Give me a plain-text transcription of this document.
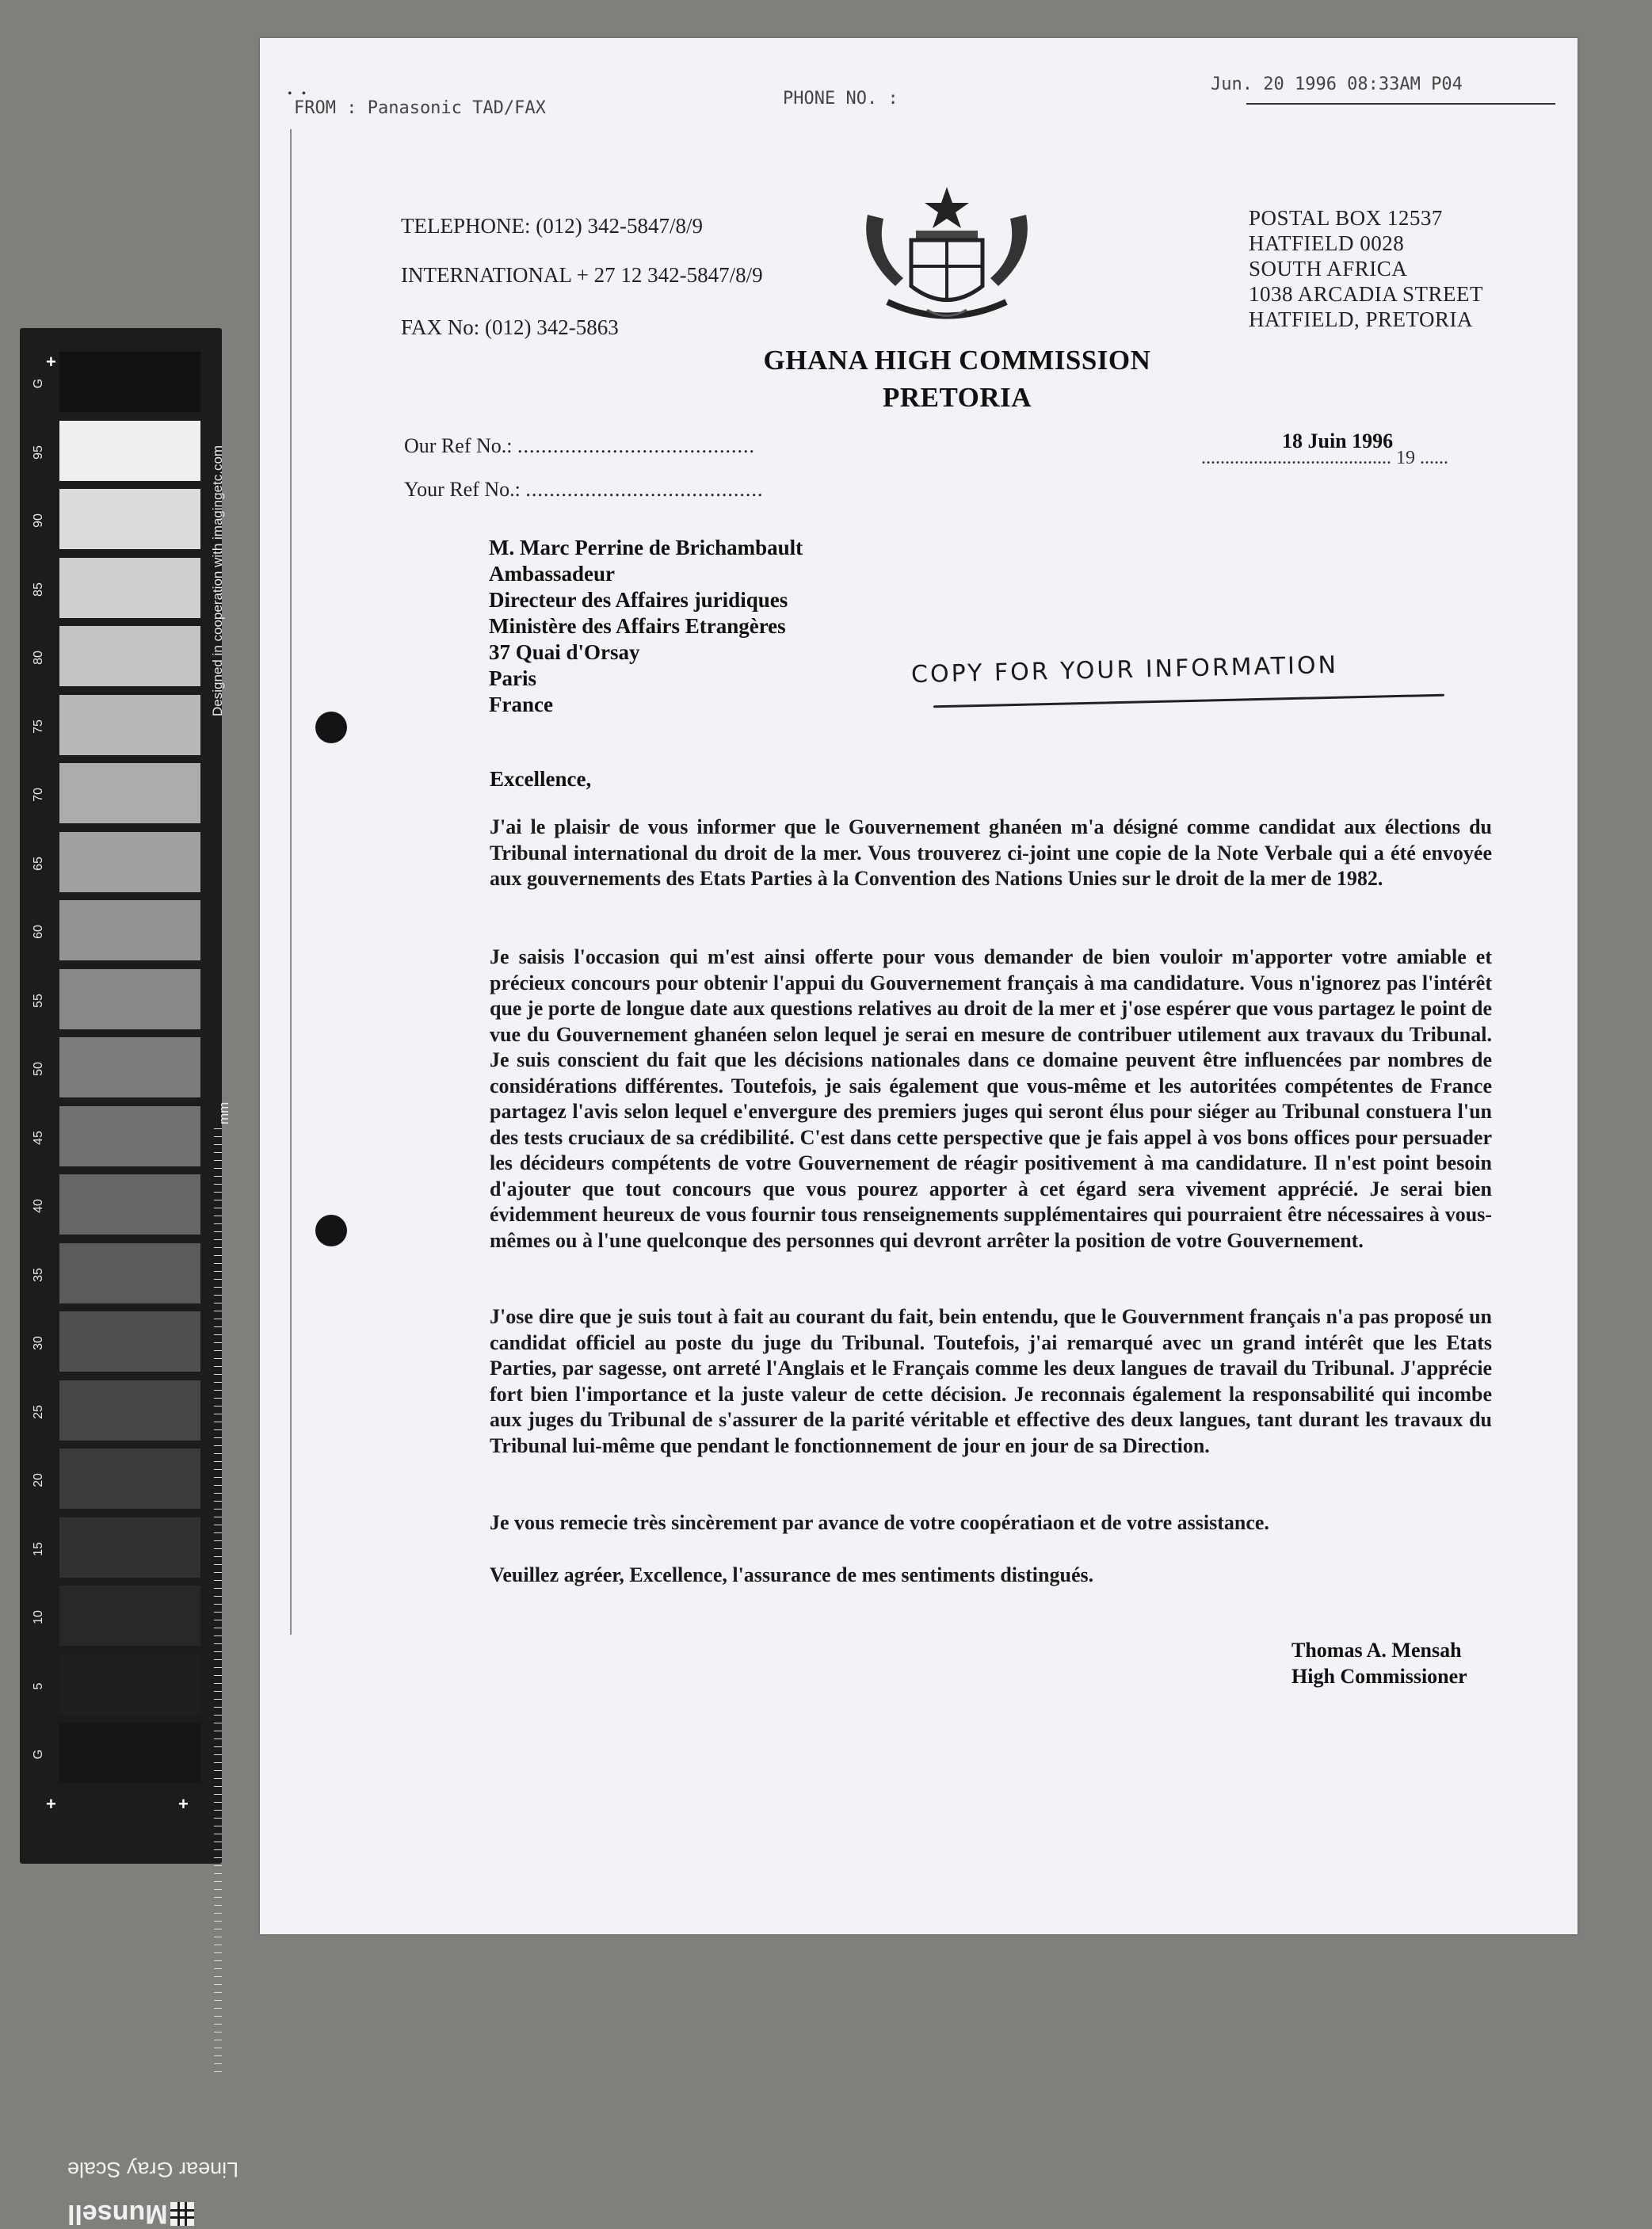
+
+	+
G
95
90
85
80
75
70
65
60
55
50
45
40
35
30
25
20
15
10
5
G
Designed in cooperation with imagingetc.com
mm
Linear Gray Scale
Munsell
• •
FROM : Panasonic TAD/FAX	PHONE NO. :
Jun. 20 1996 08:33AM P04
TELEPHONE: (012) 342-5847/8/9
INTERNATIONAL + 27 12 342-5847/8/9
FAX No: (012) 342-5863
POSTAL BOX 12537
HATFIELD 0028
SOUTH AFRICA
1038 ARCADIA STREET
HATFIELD, PRETORIA
GHANA HIGH COMMISSION
PRETORIA
Our Ref No.: ........................................
Your Ref No.: ........................................
18 Juin 1996
........................................ 19 ......
M. Marc Perrine de Brichambault
Ambassadeur
Directeur des Affaires juridiques
Ministère des Affairs Etrangères
37 Quai d'Orsay
Paris
France
COPY FOR YOUR INFORMATION
Excellence,
J'ai le plaisir de vous informer que le Gouvernement ghanéen m'a désigné comme candidat aux élections du Tribunal international du droit de la mer. Vous trouverez ci-joint une copie de la Note Verbale qui a été envoyée aux gouvernements des Etats Parties à la Convention des Nations Unies sur le droit de la mer de 1982.
Je saisis l'occasion qui m'est ainsi offerte pour vous demander de bien vouloir m'apporter votre amiable et précieux concours pour obtenir l'appui du Gouvernement français à ma candidature. Vous n'ignorez pas l'intérêt que je porte de longue date aux questions relatives au droit de la mer et j'ose espérer que vous partagez le point de vue du Gouvernement ghanéen selon lequel je serai en mesure de contribuer utilement aux travaux du Tribunal. Je suis conscient du fait que les décisions nationales dans ce domaine peuvent être influencées par nombres de considérations différentes. Toutefois, je sais également que vous-même et les autoritées compétentes de France partagez l'avis selon lequel e'envergure des premiers juges qui seront élus pour siéger au Tribunal constuera l'un des tests cruciaux de sa crédibilité. C'est dans cette perspective que je fais appel à vos bons offices pour persuader les décideurs compétents de votre Gouvernement de réagir positivement à ma candidature. Il n'est point besoin d'ajouter que tout concours que vous pourez apporter à cet égard sera vivement apprécié. Je serai bien évidemment heureux de vous fournir tous renseignements supplémentaires qui pourraient être nécessaires à vous-mêmes ou à l'une quelconque des personnes qui devront arrêter la position de votre Gouvernement.
J'ose dire que je suis tout à fait au courant du fait, bein entendu, que le Gouvernment français n'a pas proposé un candidat officiel au poste du juge du Tribunal. Toutefois, j'ai remarqué avec un grand intérêt que les Etats Parties, par sagesse, ont arreté l'Anglais et le Français comme les deux langues de travail du Tribunal. J'apprécie fort bien l'importance et la juste valeur de cette décision. Je reconnais également la responsabilité qui incombe aux juges du Tribunal de s'assurer de la parité véritable et effective des deux langues, tant durant les travaux du Tribunal lui-même que pendant le fonctionnement de jour en jour de sa Direction.
Je vous remecie très sincèrement par avance de votre coopératiaon et de votre assistance.
Veuillez agréer, Excellence, l'assurance de mes sentiments distingués.
Thomas A. Mensah
High Commissioner
